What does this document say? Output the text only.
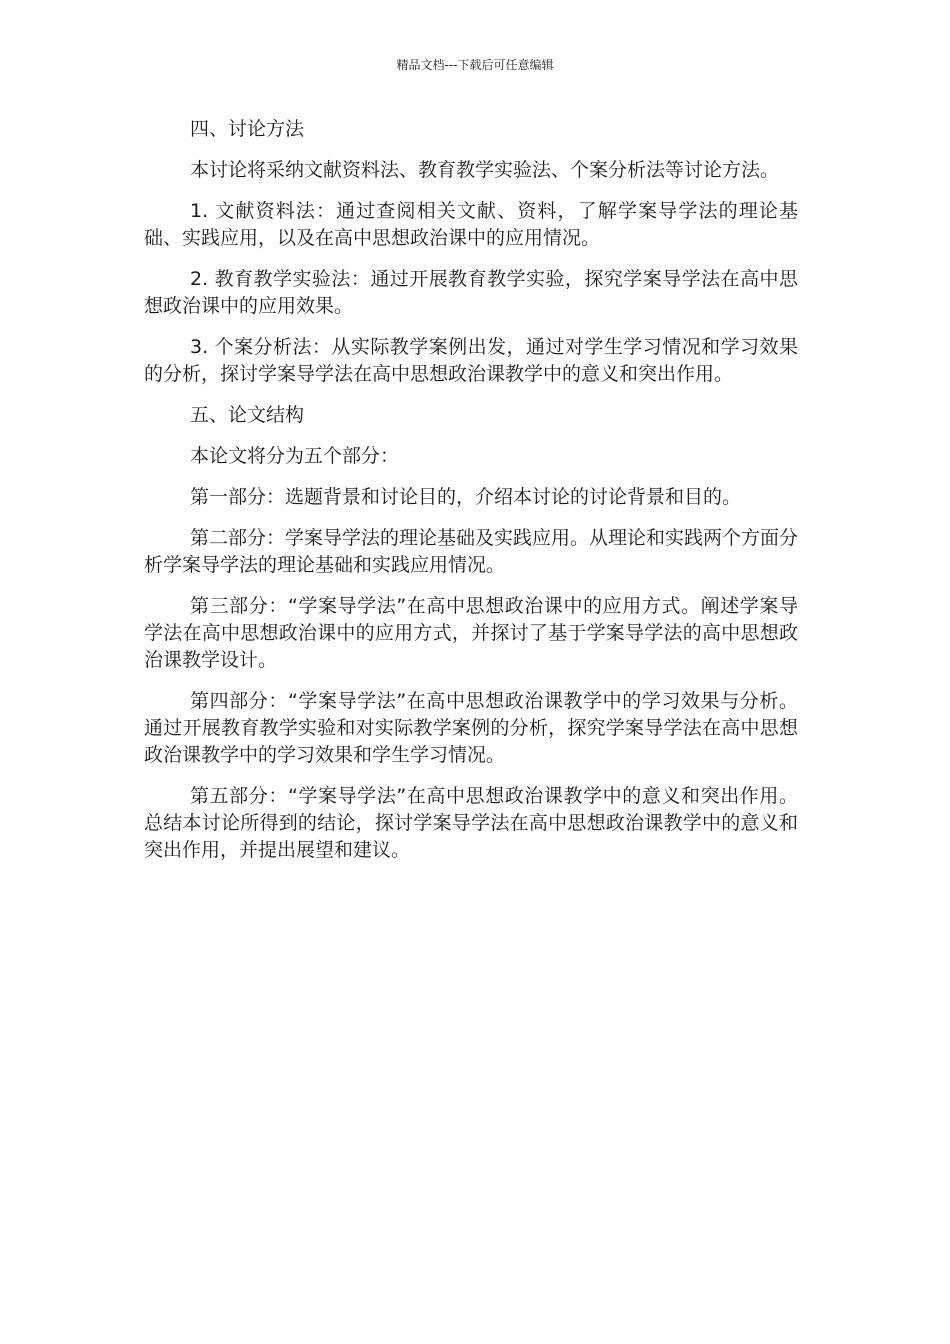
精品文档---下载后可任意编辑

四、讨论方法

本讨论将采纳文献资料法、教育教学实验法、个案分析法等讨论方法。

1. 文献资料法：通过查阅相关文献、资料，了解学案导学法的理论基础、实践应用，以及在高中思想政治课中的应用情况。

2. 教育教学实验法：通过开展教育教学实验，探究学案导学法在高中思想政治课中的应用效果。

3. 个案分析法：从实际教学案例出发，通过对学生学习情况和学习效果的分析，探讨学案导学法在高中思想政治课教学中的意义和突出作用。

五、论文结构

本论文将分为五个部分：

第一部分：选题背景和讨论目的，介绍本讨论的讨论背景和目的。

第二部分：学案导学法的理论基础及实践应用。从理论和实践两个方面分析学案导学法的理论基础和实践应用情况。

第三部分：“学案导学法”在高中思想政治课中的应用方式。阐述学案导学法在高中思想政治课中的应用方式，并探讨了基于学案导学法的高中思想政治课教学设计。

第四部分：“学案导学法”在高中思想政治课教学中的学习效果与分析。通过开展教育教学实验和对实际教学案例的分析，探究学案导学法在高中思想政治课教学中的学习效果和学生学习情况。

第五部分：“学案导学法”在高中思想政治课教学中的意义和突出作用。总结本讨论所得到的结论，探讨学案导学法在高中思想政治课教学中的意义和突出作用，并提出展望和建议。
